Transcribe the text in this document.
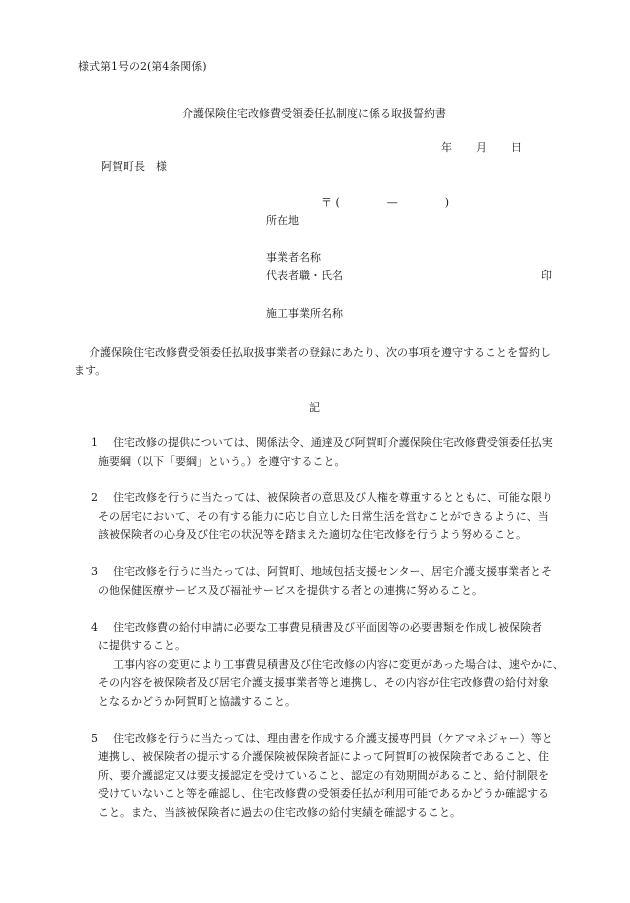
様式第1号の2(第4条関係)
介護保険住宅改修費受領委任払制度に係る取扱誓約書
年 月 日
阿賀町長　様
〒 (	—	)
所在地
事業者名称
代表者職・氏名	印
施工事業所名称
介護保険住宅改修費受領委任払取扱事業者の登録にあたり、次の事項を遵守することを誓約し
ます。
記
1 住宅改修の提供については、関係法令、通達及び阿賀町介護保険住宅改修費受領委任払実
施要綱（以下「要綱」という。）を遵守すること。
2 住宅改修を行うに当たっては、被保険者の意思及び人権を尊重するとともに、可能な限り
その居宅において、その有する能力に応じ自立した日常生活を営むことができるように、当
該被保険者の心身及び住宅の状況等を踏まえた適切な住宅改修を行うよう努めること。
3 住宅改修を行うに当たっては、阿賀町、地域包括支援センター、居宅介護支援事業者とそ
の他保健医療サービス及び福祉サービスを提供する者との連携に努めること。
4 住宅改修費の給付申請に必要な工事費見積書及び平面図等の必要書類を作成し被保険者
に提供すること。
工事内容の変更により工事費見積書及び住宅改修の内容に変更があった場合は、速やかに、
その内容を被保険者及び居宅介護支援事業者等と連携し、その内容が住宅改修費の給付対象
となるかどうか阿賀町と協議すること。
5 住宅改修を行うに当たっては、理由書を作成する介護支援専門員（ケアマネジャー）等と
連携し、被保険者の提示する介護保険被保険者証によって阿賀町の被保険者であること、住
所、要介護認定又は要支援認定を受けていること、認定の有効期間があること、給付制限を
受けていないこと等を確認し、住宅改修費の受領委任払が利用可能であるかどうか確認する
こと。また、当該被保険者に過去の住宅改修の給付実績を確認すること。
